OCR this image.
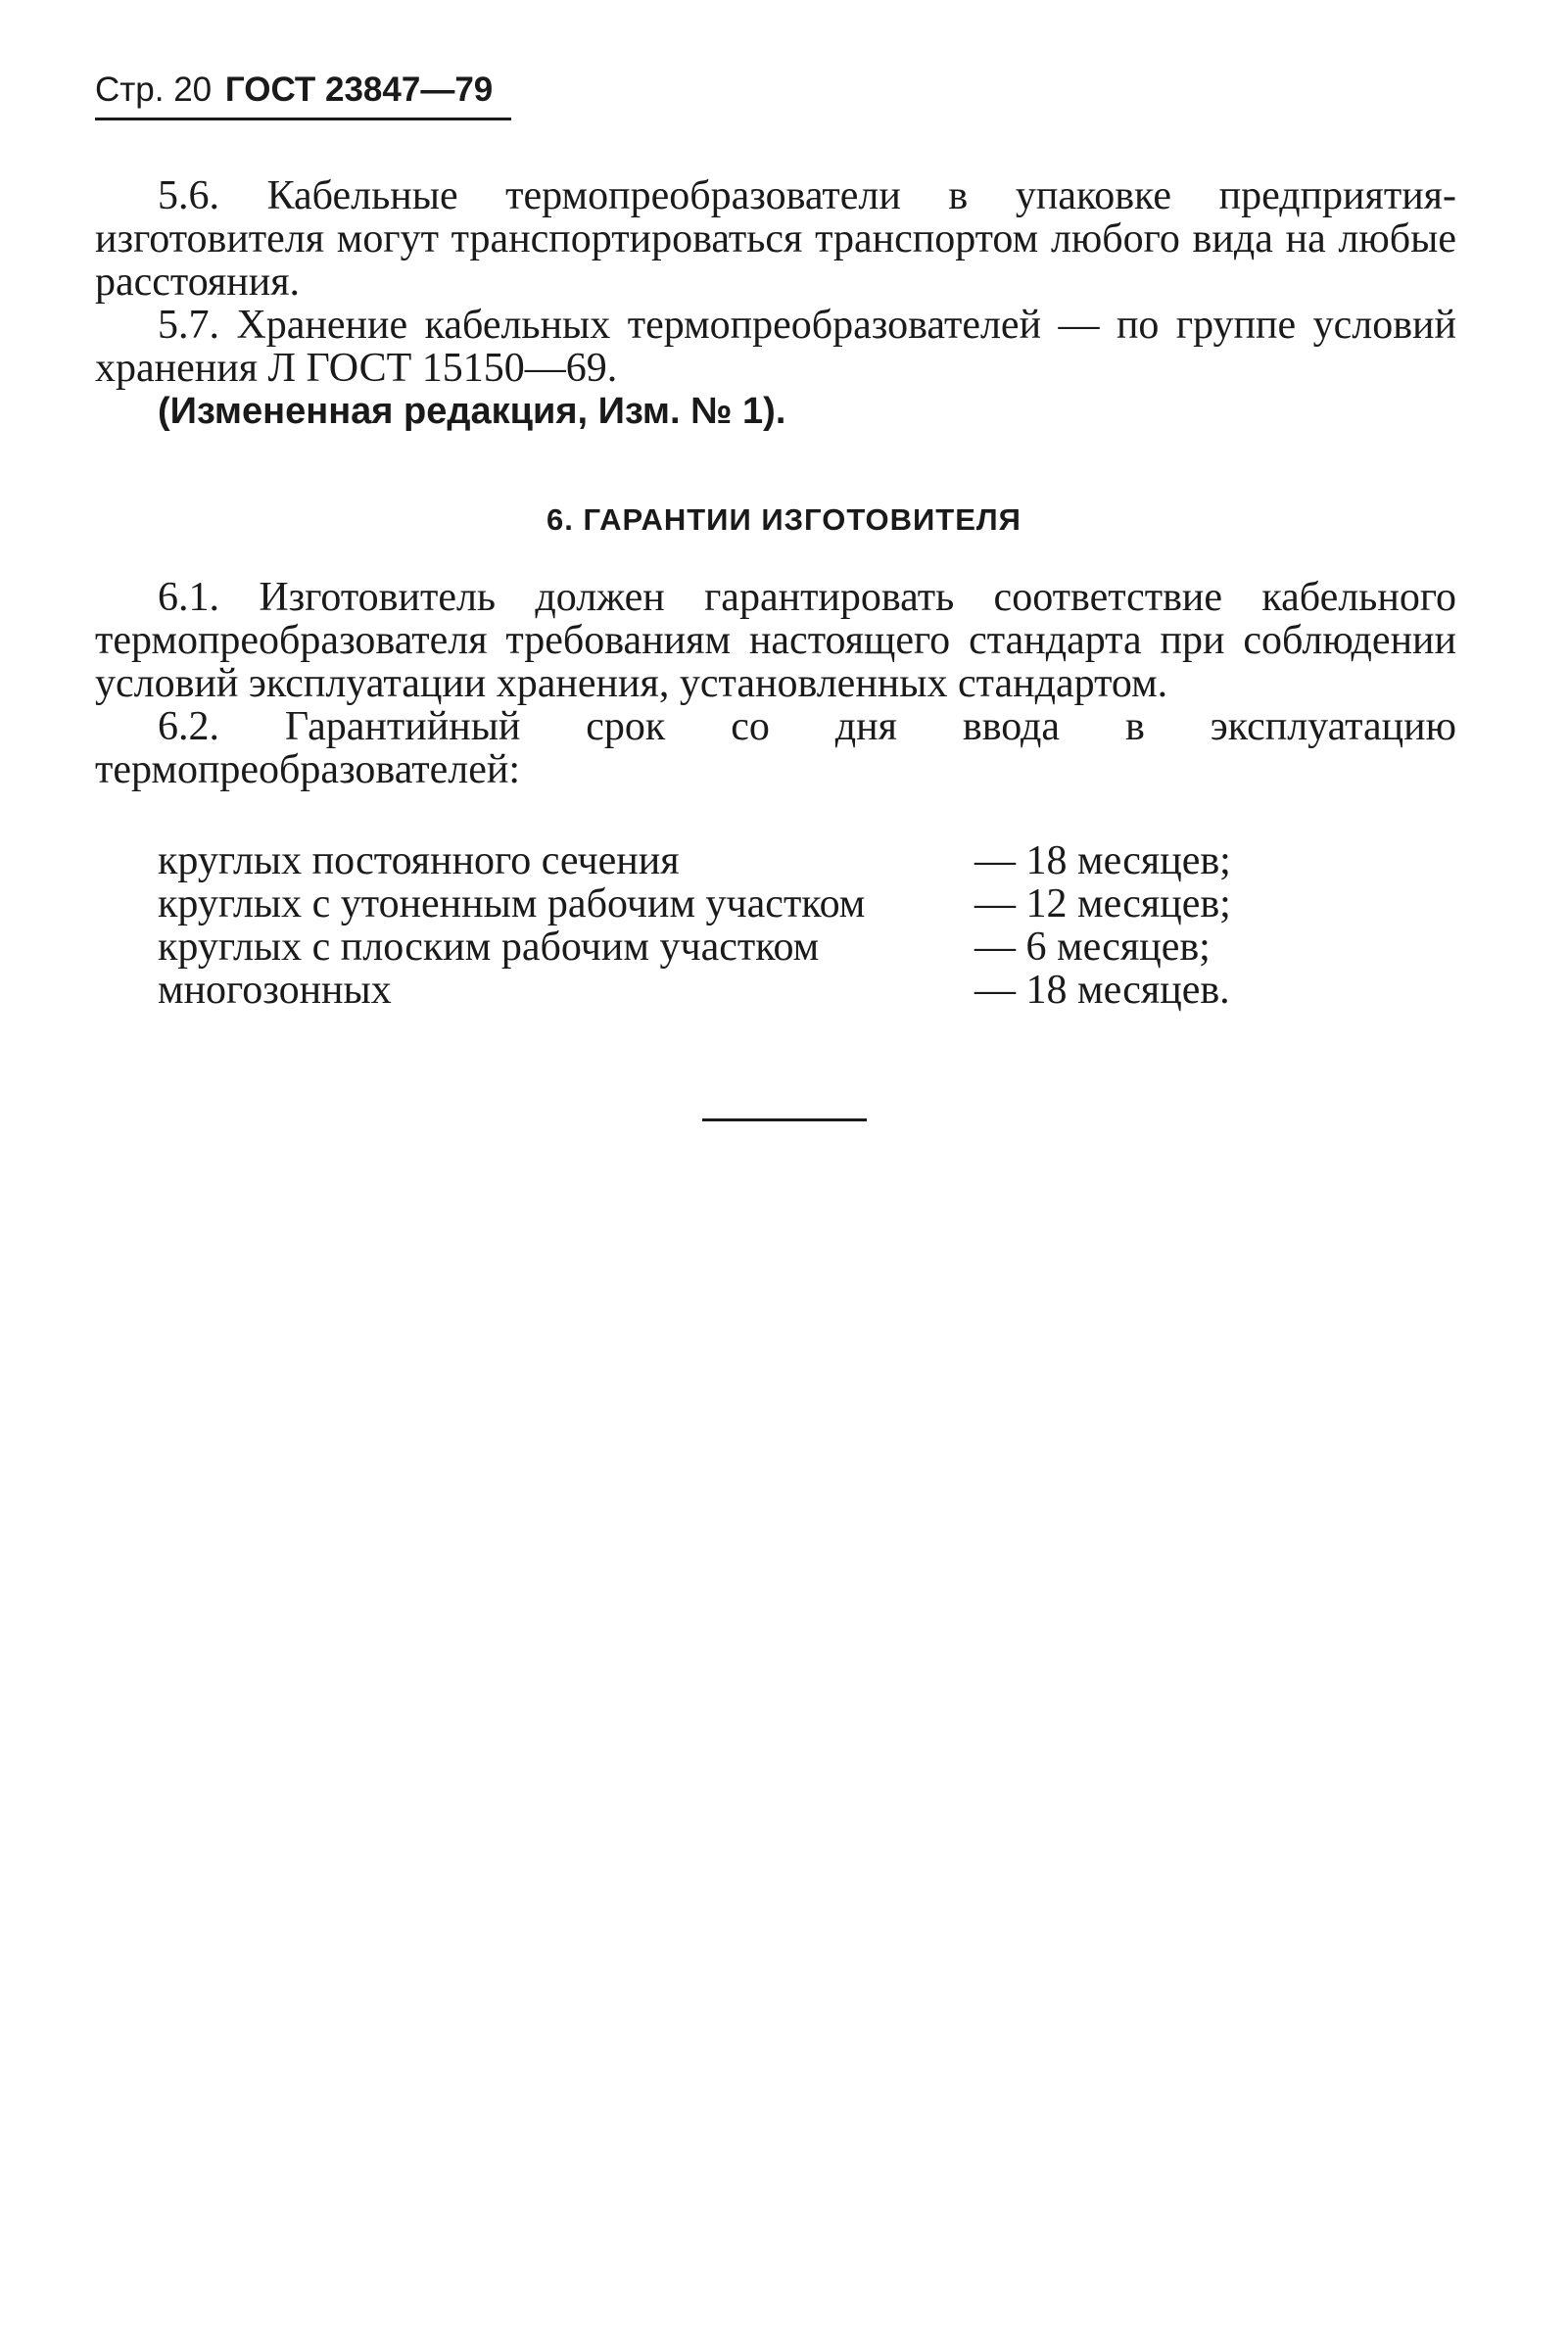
Стр. 20 ГОСТ 23847—79

5.6. Кабельные термопреобразователи в упаковке предприятия-изготовителя могут транспортироваться транспортом любого вида на любые расстояния.

5.7. Хранение кабельных термопреобразователей — по группе условий хранения Л ГОСТ 15150—69.

(Измененная редакция, Изм. № 1).

6. ГАРАНТИИ ИЗГОТОВИТЕЛЯ

6.1. Изготовитель должен гарантировать соответствие кабельного термопреобразователя требованиям настоящего стандарта при соблюдении условий эксплуатации хранения, установленных стандартом.

6.2. Гарантийный срок со дня ввода в эксплуатацию термопреобразователей:

круглых постоянного сечения	— 18 месяцев;
круглых с утоненным рабочим участком	— 12 месяцев;
круглых с плоским рабочим участком	— 6 месяцев;
многозонных	— 18 месяцев.
